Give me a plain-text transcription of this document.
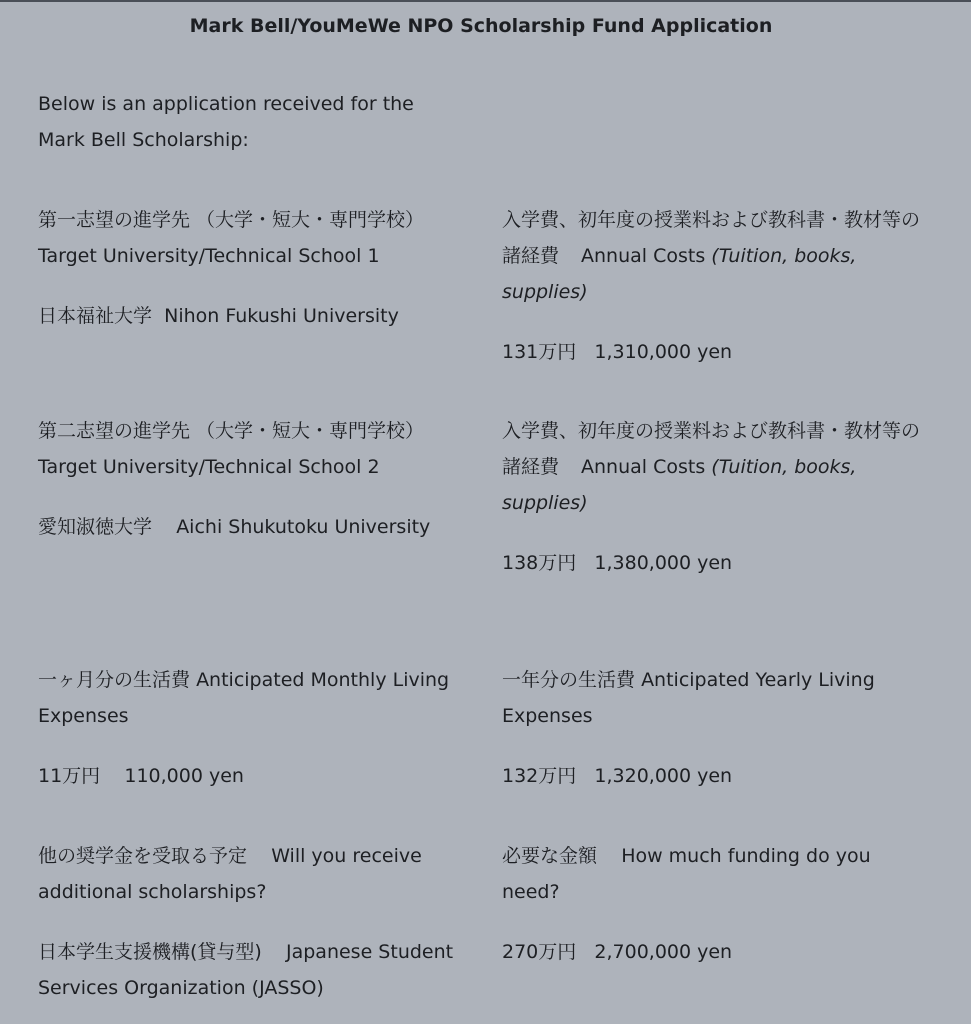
Mark Bell/YouMeWe NPO Scholarship Fund Application
Below is an application received for the Mark Bell Scholarship:

第一志望の進学先 （大学・短大・専門学校）Target University/Technical School 1

日本福祉大学 Nihon Fukushi University

入学費、初年度の授業料および教科書・教材等の諸経費 Annual Costs (Tuition, books, supplies)

131万円 1,310,000 yen

第二志望の進学先 （大学・短大・専門学校）Target University/Technical School 2

愛知淑徳大学 Aichi Shukutoku University

入学費、初年度の授業料および教科書・教材等の諸経費 Annual Costs (Tuition, books, supplies)

138万円 1,380,000 yen

一ヶ月分の生活費 Anticipated Monthly Living Expenses

11万円 110,000 yen

一年分の生活費 Anticipated Yearly Living Expenses

132万円 1,320,000 yen

他の奨学金を受取る予定 Will you receive additional scholarships?

日本学生支援機構(貸与型) Japanese Student Services Organization (JASSO)

必要な金額 How much funding do you need?

270万円 2,700,000 yen
